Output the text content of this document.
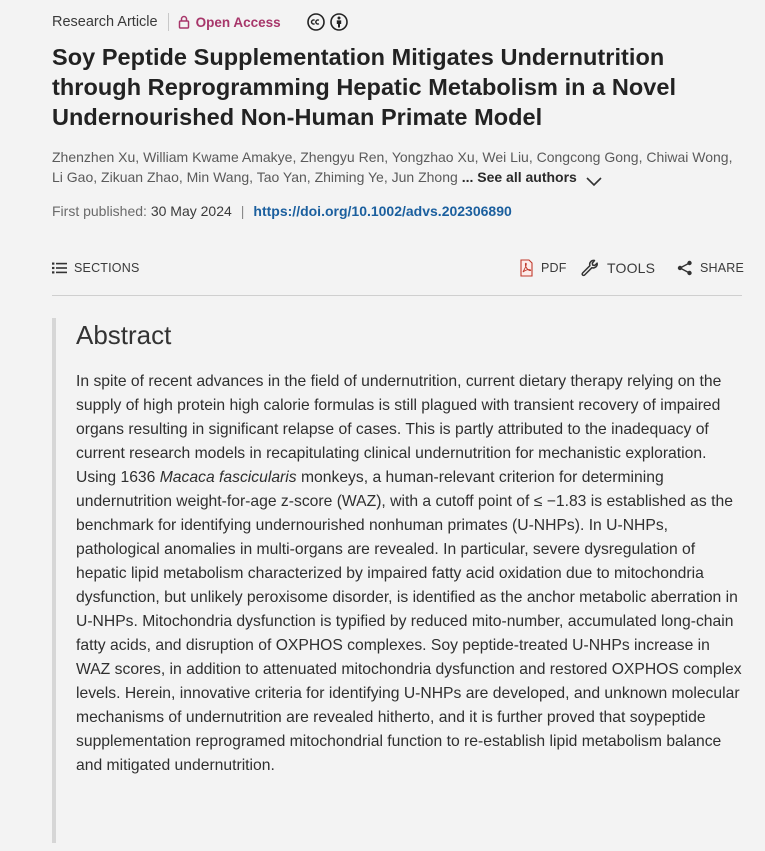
Research Article	Open Access
Soy Peptide Supplementation Mitigates Undernutrition through Reprogramming Hepatic Metabolism in a Novel Undernourished Non-Human Primate Model
Zhenzhen Xu, William Kwame Amakye, Zhengyu Ren, Yongzhao Xu, Wei Liu, Congcong Gong, Chiwai Wong, Li Gao, Zikuan Zhao, Min Wang, Tao Yan, Zhiming Ye, Jun Zhong ... See all authors
First published: 30 May 2024 | https://doi.org/10.1002/advs.202306890
SECTIONS	PDF	TOOLS	SHARE
Abstract

In spite of recent advances in the field of undernutrition, current dietary therapy relying on the supply of high protein high calorie formulas is still plagued with transient recovery of impaired organs resulting in significant relapse of cases. This is partly attributed to the inadequacy of current research models in recapitulating clinical undernutrition for mechanistic exploration. Using 1636 Macaca fascicularis monkeys, a human-relevant criterion for determining undernutrition weight-for-age z-score (WAZ), with a cutoff point of ≤ −1.83 is established as the benchmark for identifying undernourished nonhuman primates (U-NHPs). In U-NHPs, pathological anomalies in multi-organs are revealed. In particular, severe dysregulation of hepatic lipid metabolism characterized by impaired fatty acid oxidation due to mitochondria dysfunction, but unlikely peroxisome disorder, is identified as the anchor metabolic aberration in U-NHPs. Mitochondria dysfunction is typified by reduced mito-number, accumulated long-chain fatty acids, and disruption of OXPHOS complexes. Soy peptide-treated U-NHPs increase in WAZ scores, in addition to attenuated mitochondria dysfunction and restored OXPHOS complex levels. Herein, innovative criteria for identifying U-NHPs are developed, and unknown molecular mechanisms of undernutrition are revealed hitherto, and it is further proved that soypeptide supplementation reprogramed mitochondrial function to re-establish lipid metabolism balance and mitigated undernutrition.
